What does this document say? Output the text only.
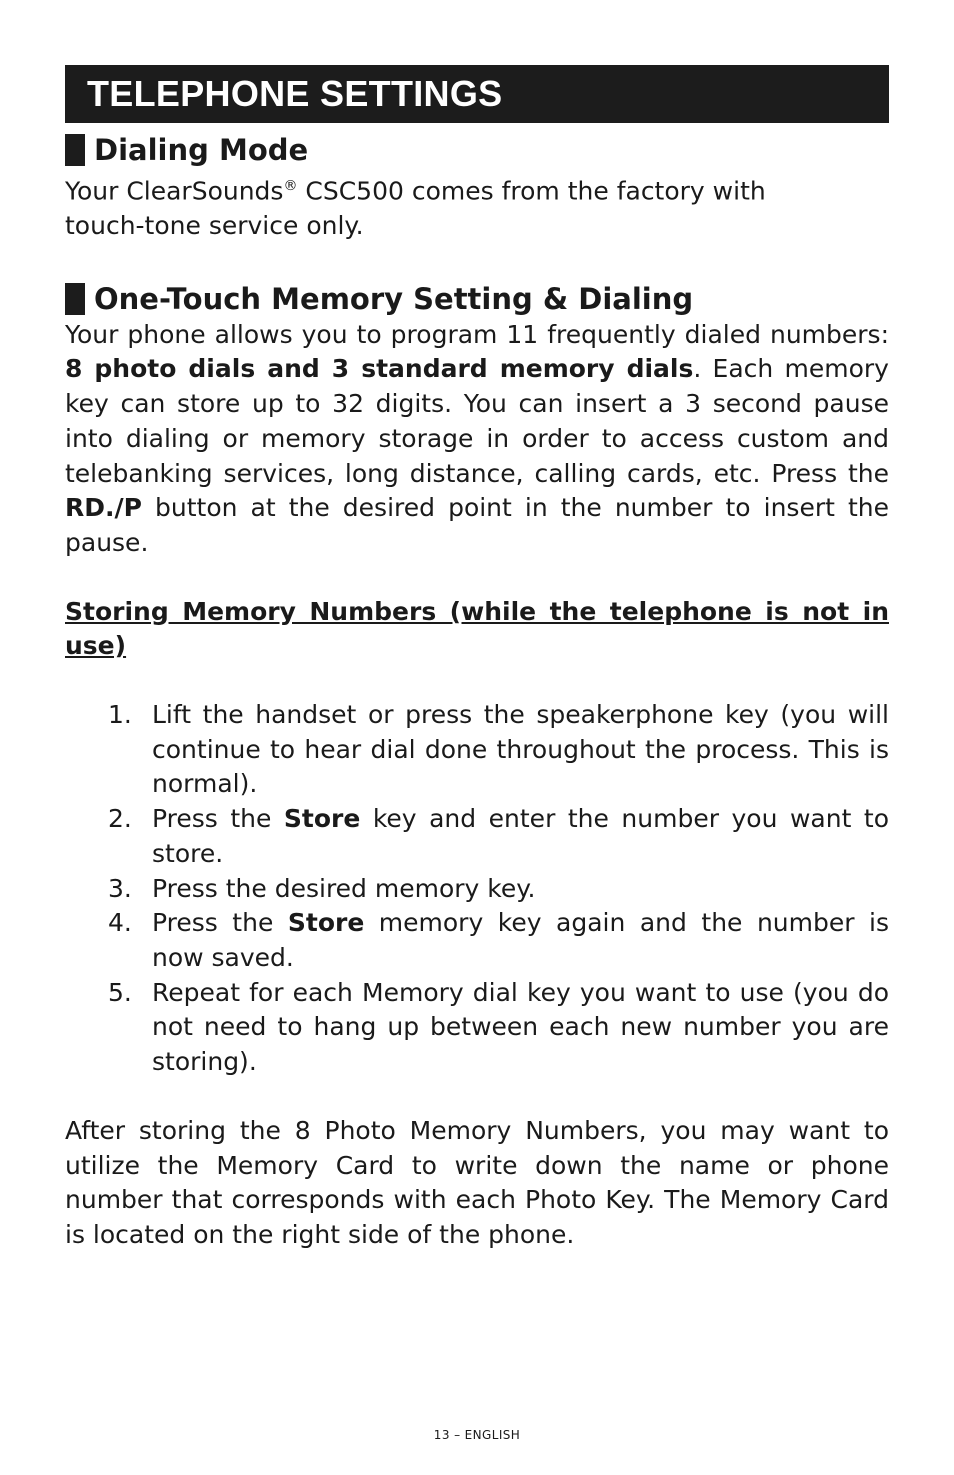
TELEPHONE SETTINGS
Dialing Mode

Your ClearSounds® CSC500 comes from the factory with touch-tone service only.

One-Touch Memory Setting & Dialing

Your phone allows you to program 11 frequently dialed numbers: 8 photo dials and 3 standard memory dials. Each memory key can store up to 32 digits. You can insert a 3 second pause into dialing or memory storage in order to access custom and telebanking services, long distance, calling cards, etc. Press the RD./P button at the desired point in the number to insert the pause.

Storing Memory Numbers (while the telephone is not in use)

1. Lift the handset or press the speakerphone key (you will continue to hear dial done throughout the process. This is normal).
2. Press the Store key and enter the number you want to store.
3. Press the desired memory key.
4. Press the Store memory key again and the number is now saved.
5. Repeat for each Memory dial key you want to use (you do not need to hang up between each new number you are storing).

After storing the 8 Photo Memory Numbers, you may want to utilize the Memory Card to write down the name or phone number that corresponds with each Photo Key. The Memory Card is located on the right side of the phone.

13 – ENGLISH
